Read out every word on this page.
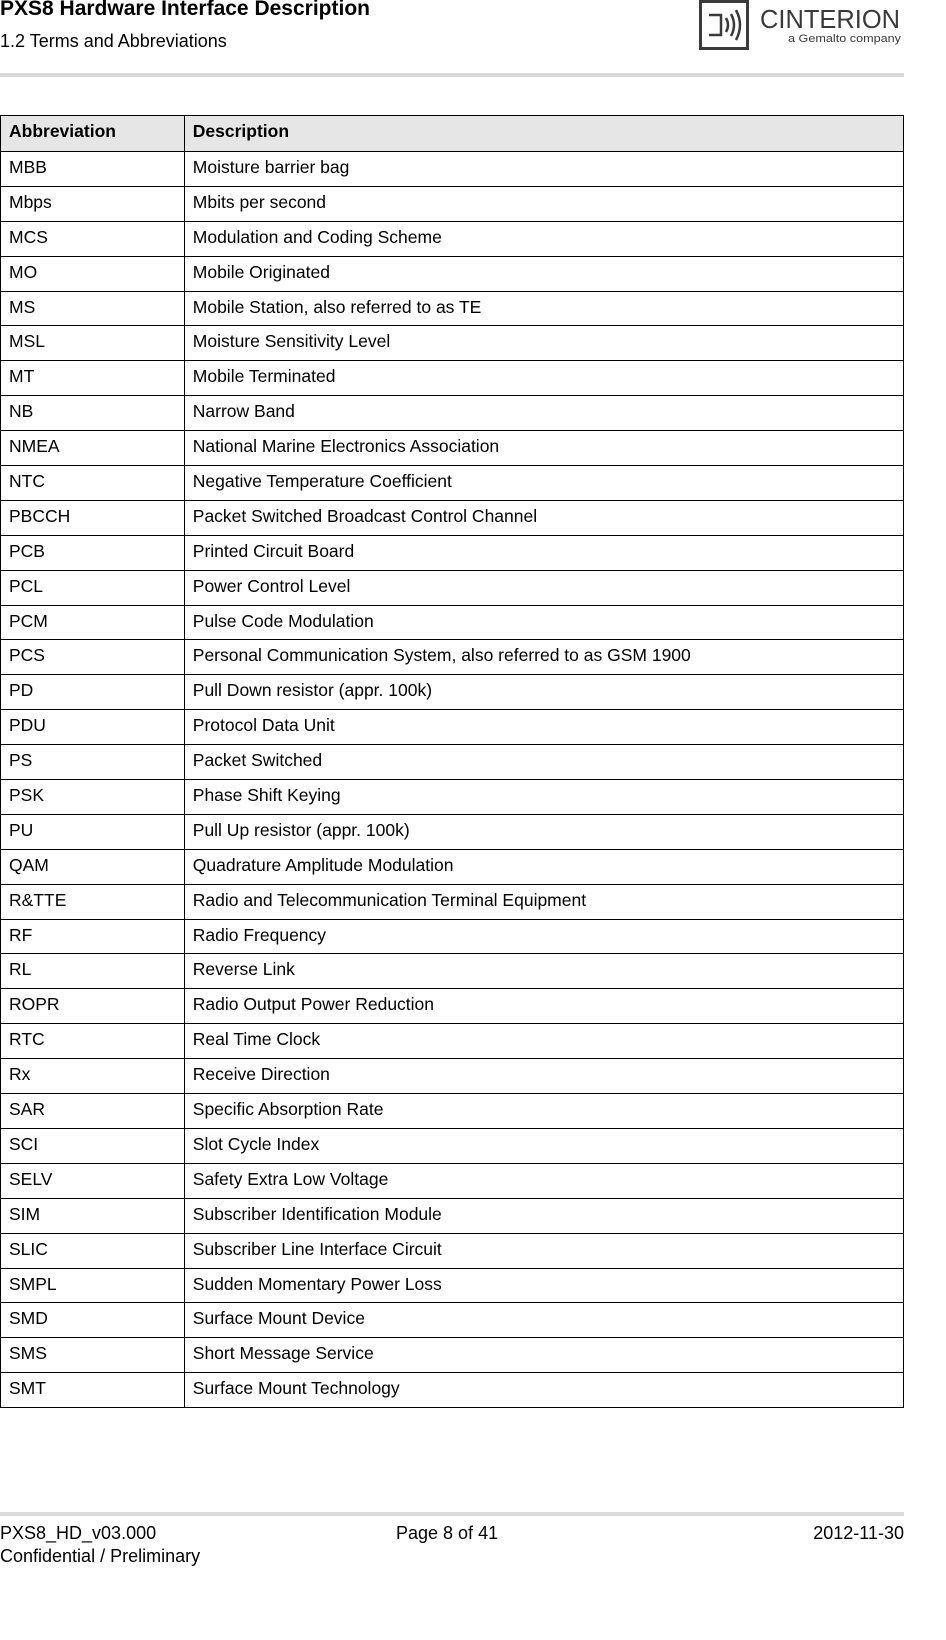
PXS8 Hardware Interface Description
1.2 Terms and Abbreviations
CINTERION
a Gemalto company
Abbreviation	Description
MBB	Moisture barrier bag
Mbps	Mbits per second
MCS	Modulation and Coding Scheme
MO	Mobile Originated
MS	Mobile Station, also referred to as TE
MSL	Moisture Sensitivity Level
MT	Mobile Terminated
NB	Narrow Band
NMEA	National Marine Electronics Association
NTC	Negative Temperature Coefficient
PBCCH	Packet Switched Broadcast Control Channel
PCB	Printed Circuit Board
PCL	Power Control Level
PCM	Pulse Code Modulation
PCS	Personal Communication System, also referred to as GSM 1900
PD	Pull Down resistor (appr. 100k)
PDU	Protocol Data Unit
PS	Packet Switched
PSK	Phase Shift Keying
PU	Pull Up resistor (appr. 100k)
QAM	Quadrature Amplitude Modulation
R&TTE	Radio and Telecommunication Terminal Equipment
RF	Radio Frequency
RL	Reverse Link
ROPR	Radio Output Power Reduction
RTC	Real Time Clock
Rx	Receive Direction
SAR	Specific Absorption Rate
SCI	Slot Cycle Index
SELV	Safety Extra Low Voltage
SIM	Subscriber Identification Module
SLIC	Subscriber Line Interface Circuit
SMPL	Sudden Momentary Power Loss
SMD	Surface Mount Device
SMS	Short Message Service
SMT	Surface Mount Technology
PXS8_HD_v03.000	Page 8 of 41	2012-11-30
Confidential / Preliminary
